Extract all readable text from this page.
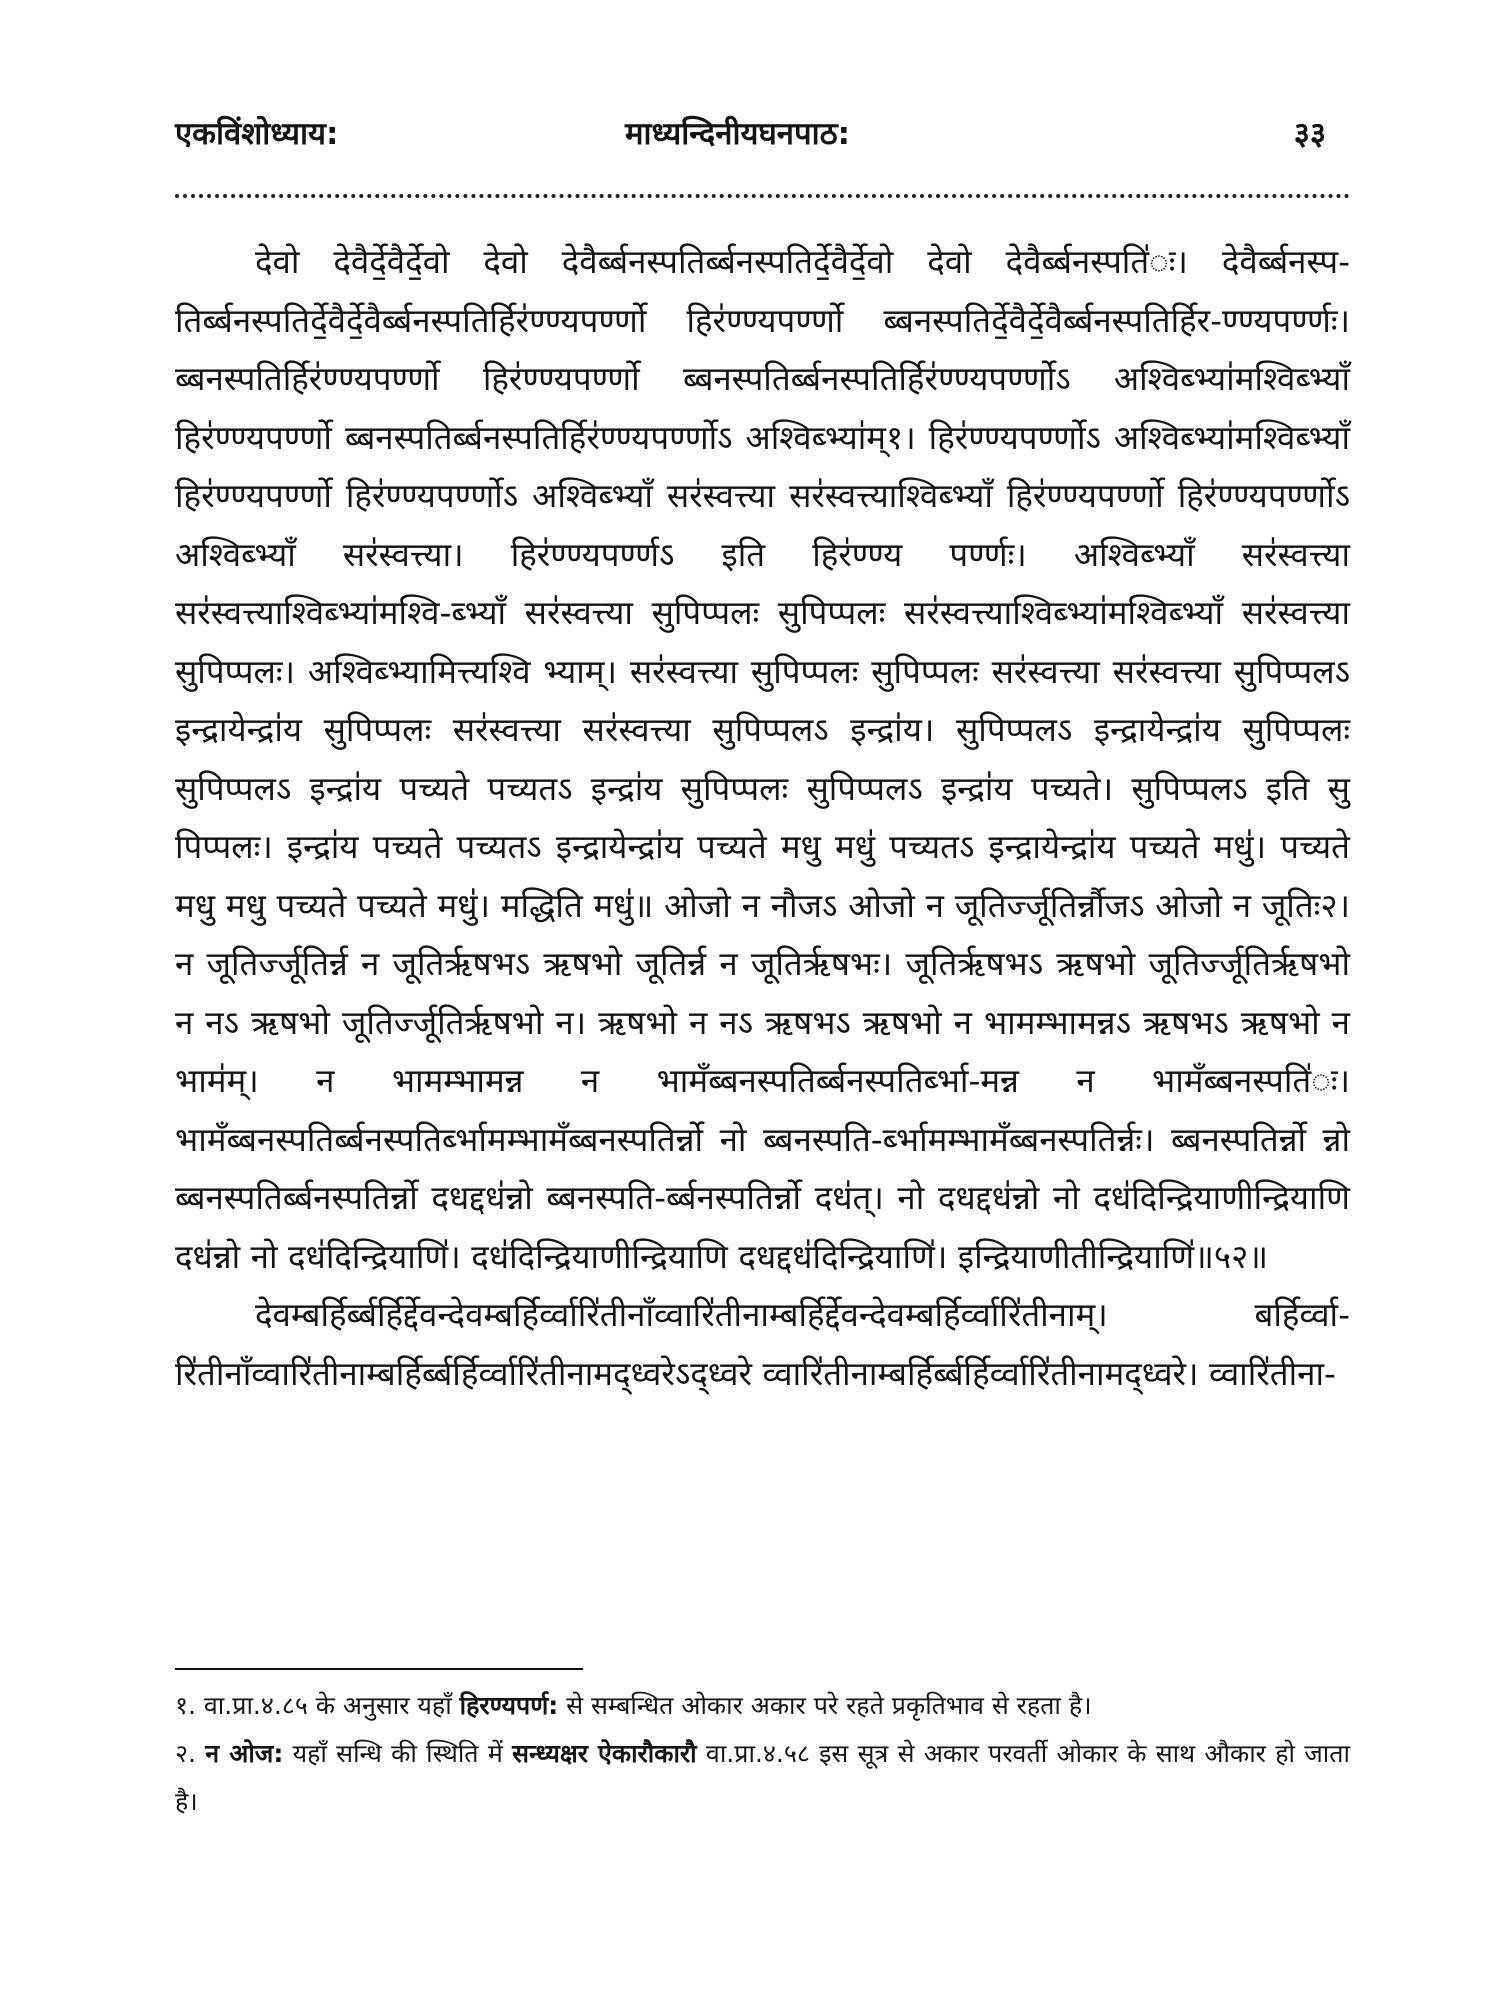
एकविंशोध्याय:	माध्यन्दिनीयघनपाठ:	३३

देवो देवैर्दे॒वैर्दे॒वो देवो देवैर्ब्बनस्पतिर्ब्बनस्पतिर्दे॒वैर्दे॒वो देवो देवैर्ब्बनस्पति॑ः। देवैर्ब्बनस्प-तिर्ब्बनस्पतिर्दे॒वैर्दे॒वैर्ब्बनस्पतिर्हिर॑ण्ण्यपर्ण्णो हिर॑ण्ण्यपर्ण्णो ब्बनस्पतिर्दे॒वैर्दे॒वैर्ब्बनस्पतिर्हिर-ण्ण्यपर्ण्णः। ब्बनस्पतिर्हिर॑ण्ण्यपर्ण्णो हिर॑ण्ण्यपर्ण्णो ब्बनस्पतिर्ब्बनस्पतिर्हिर॑ण्ण्यपर्ण्णोऽ अश्विब्भ्या॑मश्विब्भ्याँ हिर॑ण्ण्यपर्ण्णो ब्बनस्पतिर्ब्बनस्पतिर्हिर॑ण्ण्यपर्ण्णोऽ अश्विब्भ्या॑म्१। हिर॑ण्ण्यपर्ण्णोऽ अश्विब्भ्या॑मश्विब्भ्याँ हिर॑ण्ण्यपर्ण्णो हिर॑ण्ण्यपर्ण्णोऽ अश्विब्भ्याँ सर॑स्वत्त्या सर॑स्वत्त्याश्विब्भ्याँ हिर॑ण्ण्यपर्ण्णो हिर॑ण्ण्यपर्ण्णोऽ अश्विब्भ्याँ सर॑स्वत्त्या। हिर॑ण्ण्यपर्ण्णऽ इति हिर॑ण्ण्य पर्ण्णः। अश्विब्भ्याँ सर॑स्वत्त्या सर॑स्वत्त्याश्विब्भ्या॑मश्वि-ब्भ्याँ सर॑स्वत्त्या सुपिप्पलः सुपिप्पलः सर॑स्वत्त्याश्विब्भ्या॑मश्विब्भ्याँ सर॑स्वत्त्या सुपिप्पलः। अश्विब्भ्यामित्त्यश्वि भ्याम्। सर॑स्वत्त्या सुपिप्पलः सुपिप्पलः सर॑स्वत्त्या सर॑स्वत्त्या सुपिप्पलऽ इन्द्रायेन्द्रा॑य सुपिप्पलः सर॑स्वत्त्या सर॑स्वत्त्या सुपिप्पलऽ इन्द्रा॑य। सुपिप्पलऽ इन्द्रायेन्द्रा॑य सुपिप्पलः सुपिप्पलऽ इन्द्रा॑य पच्यते पच्यतऽ इन्द्रा॑य सुपिप्पलः सुपिप्पलऽ इन्द्रा॑य पच्यते। सुपिप्पलऽ इति सु पिप्पलः। इन्द्रा॑य पच्यते पच्यतऽ इन्द्रायेन्द्रा॑य पच्यते मधु मधु॑ पच्यतऽ इन्द्रायेन्द्रा॑य पच्यते मधु॑। पच्यते मधु मधु पच्यते पच्यते मधु॑। मद्धिति मधु॑॥ ओजो न नौजऽ ओजो न जूतिर्ज्जूतिर्न्नौजऽ ओजो न जूतिः२। न जूतिर्ज्जूतिर्न्न न जूतिर्ऋषभऽ ऋषभो जूतिर्न्न न जूतिर्ऋषभः। जूतिर्ऋषभऽ ऋषभो जूतिर्ज्जूतिर्ऋषभो न नऽ ऋषभो जूतिर्ज्जूतिर्ऋषभो न। ऋषभो न नऽ ऋषभऽ ऋषभो न भामम्भामन्नऽ ऋषभऽ ऋषभो न भाम॑म्। न भामम्भामन्न न भामँब्बनस्पतिर्ब्बनस्पतिर्ब्भा-मन्न न भामँब्बनस्पति॑ः। भामँब्बनस्पतिर्ब्बनस्पतिर्ब्भामम्भामँब्बनस्पतिर्न्नो नो ब्बनस्पति-र्ब्भामम्भामँब्बनस्पतिर्न्नः। ब्बनस्पतिर्न्नो न्नो ब्बनस्पतिर्ब्बनस्पतिर्न्नो दधद्दध॑न्नो ब्बनस्पति-र्ब्बनस्पतिर्न्नो दध॑त्। नो दधद्दध॑न्नो नो दध॑दिन्द्रियाणीन्द्रियाणि दध॑न्नो नो दध॑दिन्द्रियाणि॑। दध॑दिन्द्रियाणीन्द्रियाणि दधद्दध॑दिन्द्रियाणि॑। इन्द्रियाणीतीन्द्रियाणि॑॥५२॥

देवम्बर्हिर्ब्बर्हिर्द्देवन्देवम्बर्हिर्व्वारि॑तीनाँव्वारि॑तीनाम्बर्हिर्द्देवन्देवम्बर्हिर्व्वारि॑तीनाम्। बर्हिर्व्वा-रि॑तीनाँव्वारि॑तीनाम्बर्हिर्ब्बर्हिर्व्वारि॑तीनामद्ध्वरेऽद्ध्वरे व्वारि॑तीनाम्बर्हिर्ब्बर्हिर्व्वारि॑तीनामद्ध्वरे। व्वारि॑तीना-

१. वा.प्रा.४.८५ के अनुसार यहाँ हिरण्यपर्ण: से सम्बन्धित ओकार अकार परे रहते प्रकृतिभाव से रहता है।

२. न ओज: यहाँ सन्धि की स्थिति में सन्ध्यक्षर ऐकारौकारौ वा.प्रा.४.५८ इस सूत्र से अकार परवर्ती ओकार के साथ औकार हो जाता है।
